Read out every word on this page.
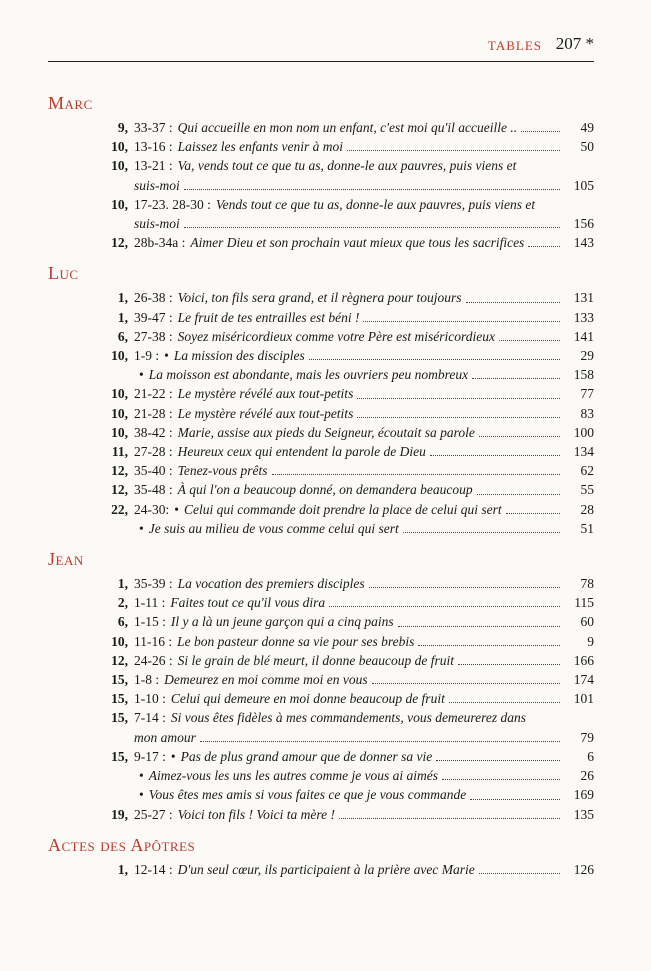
TABLES 207 *
Marc
9, 33-37 : Qui accueille en mon nom un enfant, c'est moi qu'il accueille ..	49
10, 13-16 : Laissez les enfants venir à moi	50
10, 13-21 : Va, vends tout ce que tu as, donne-le aux pauvres, puis viens et
suis-moi	105
10, 17-23. 28-30 : Vends tout ce que tu as, donne-le aux pauvres, puis viens et
suis-moi	156
12, 28b-34a : Aimer Dieu et son prochain vaut mieux que tous les sacrifices	143
Luc
1, 26-38 : Voici, ton fils sera grand, et il règnera pour toujours	131
1, 39-47 : Le fruit de tes entrailles est béni !	133
6, 27-38 : Soyez miséricordieux comme votre Père est miséricordieux	141
10, 1-9 : • La mission des disciples	29
• La moisson est abondante, mais les ouvriers peu nombreux	158
10, 21-22 : Le mystère révélé aux tout-petits	77
10, 21-28 : Le mystère révélé aux tout-petits	83
10, 38-42 : Marie, assise aux pieds du Seigneur, écoutait sa parole	100
11, 27-28 : Heureux ceux qui entendent la parole de Dieu	134
12, 35-40 : Tenez-vous prêts	62
12, 35-48 : À qui l'on a beaucoup donné, on demandera beaucoup	55
22, 24-30: • Celui qui commande doit prendre la place de celui qui sert	28
• Je suis au milieu de vous comme celui qui sert	51
Jean
1, 35-39 : La vocation des premiers disciples	78
2, 1-11 : Faites tout ce qu'il vous dira	115
6, 1-15 : Il y a là un jeune garçon qui a cinq pains	60
10, 11-16 : Le bon pasteur donne sa vie pour ses brebis	9
12, 24-26 : Si le grain de blé meurt, il donne beaucoup de fruit	166
15, 1-8 : Demeurez en moi comme moi en vous	174
15, 1-10 : Celui qui demeure en moi donne beaucoup de fruit	101
15, 7-14 : Si vous êtes fidèles à mes commandements, vous demeurerez dans
mon amour	79
15, 9-17 : • Pas de plus grand amour que de donner sa vie	6
• Aimez-vous les uns les autres comme je vous ai aimés	26
• Vous êtes mes amis si vous faites ce que je vous commande	169
19, 25-27 : Voici ton fils ! Voici ta mère !	135
Actes des Apôtres
1, 12-14 : D'un seul cœur, ils participaient à la prière avec Marie	126
